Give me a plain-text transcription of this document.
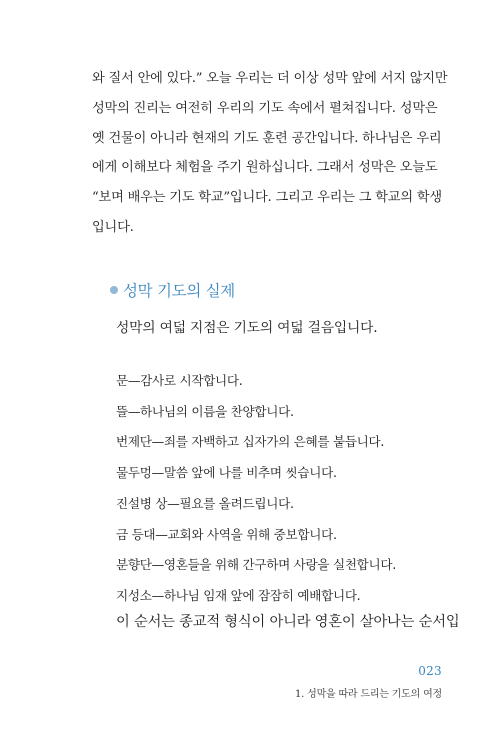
와 질서 안에 있다.” 오늘 우리는 더 이상 성막 앞에 서지 않지만
성막의 진리는 여전히 우리의 기도 속에서 펼쳐집니다. 성막은
옛 건물이 아니라 현재의 기도 훈련 공간입니다. 하나님은 우리
에게 이해보다 체험을 주기 원하십니다. 그래서 성막은 오늘도
“보며 배우는 기도 학교”입니다. 그리고 우리는 그 학교의 학생
입니다.

성막 기도의 실제

성막의 여덟 지점은 기도의 여덟 걸음입니다.

문—감사로 시작합니다.
뜰—하나님의 이름을 찬양합니다.
번제단—죄를 자백하고 십자가의 은혜를 붙듭니다.
물두멍—말씀 앞에 나를 비추며 씻습니다.
진설병 상—필요를 올려드립니다.
금 등대—교회와 사역을 위해 중보합니다.
분향단—영혼들을 위해 간구하며 사랑을 실천합니다.
지성소—하나님 임재 앞에 잠잠히 예배합니다.

이 순서는 종교적 형식이 아니라 영혼이 살아나는 순서입

023
1. 성막을 따라 드리는 기도의 여정
